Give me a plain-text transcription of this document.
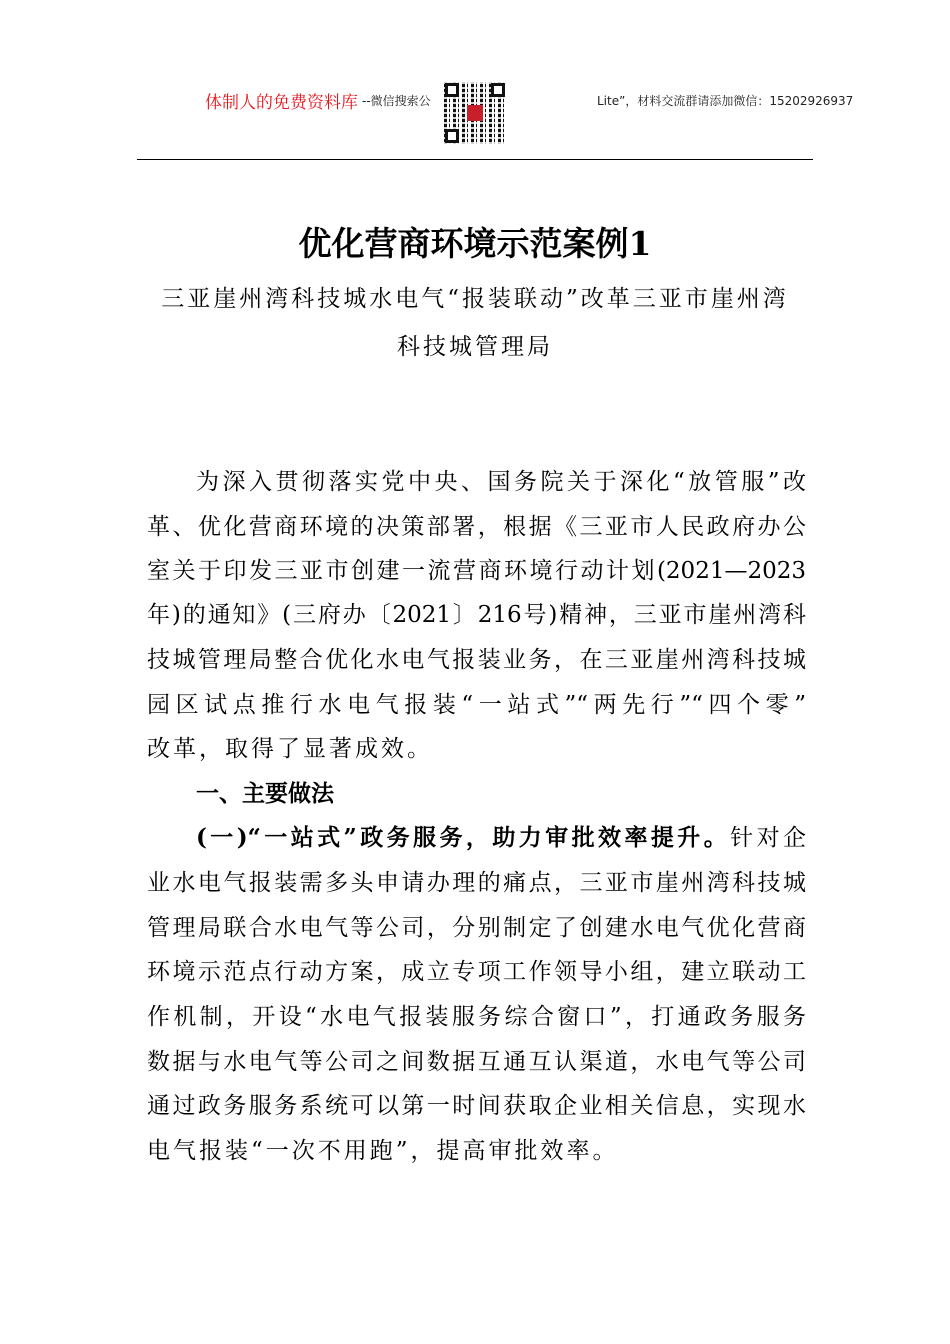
体制人的免费资料库 --微信搜索公	Lite”，材料交流群请添加微信：15202926937
优化营商环境示范案例1
三亚崖州湾科技城水电气“报装联动”改革三亚市崖州湾
科技城管理局
为深入贯彻落实党中央、国务院关于深化“放管服”改
革、优化营商环境的决策部署，根据《三亚市人民政府办公
室关于印发三亚市创建一流营商环境行动计划(2021—2023
年)的通知》(三府办〔2021〕216号)精神，三亚市崖州湾科
技城管理局整合优化水电气报装业务，在三亚崖州湾科技城
园区试点推行水电气报装“一站式”“两先行”“四个零”
改革，取得了显著成效。
一、主要做法
(一)“一站式”政务服务，助力审批效率提升。针对企
业水电气报装需多头申请办理的痛点，三亚市崖州湾科技城
管理局联合水电气等公司，分别制定了创建水电气优化营商
环境示范点行动方案，成立专项工作领导小组，建立联动工
作机制，开设“水电气报装服务综合窗口”，打通政务服务
数据与水电气等公司之间数据互通互认渠道，水电气等公司
通过政务服务系统可以第一时间获取企业相关信息，实现水
电气报装“一次不用跑”，提高审批效率。
